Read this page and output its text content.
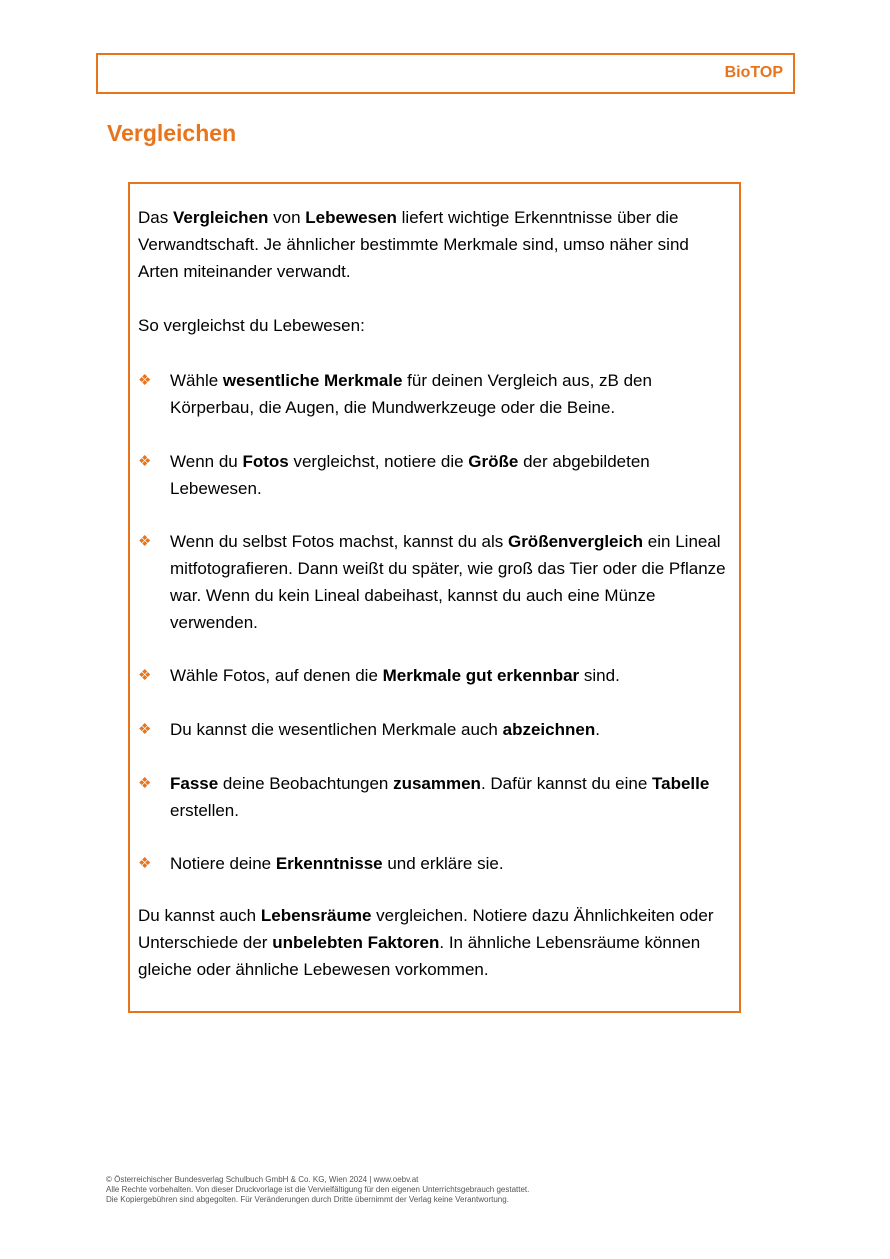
BioTOP
Vergleichen
Das Vergleichen von Lebewesen liefert wichtige Erkenntnisse über die Verwandtschaft. Je ähnlicher bestimmte Merkmale sind, umso näher sind Arten miteinander verwandt.
So vergleichst du Lebewesen:
❖	Wähle wesentliche Merkmale für deinen Vergleich aus, zB den Körperbau, die Augen, die Mundwerkzeuge oder die Beine.
❖	Wenn du Fotos vergleichst, notiere die Größe der abgebildeten Lebewesen.
❖	Wenn du selbst Fotos machst, kannst du als Größenvergleich ein Lineal mitfotografieren. Dann weißt du später, wie groß das Tier oder die Pflanze war. Wenn du kein Lineal dabeihast, kannst du auch eine Münze verwenden.
❖	Wähle Fotos, auf denen die Merkmale gut erkennbar sind.
❖	Du kannst die wesentlichen Merkmale auch abzeichnen.
❖	Fasse deine Beobachtungen zusammen. Dafür kannst du eine Tabelle erstellen.
❖	Notiere deine Erkenntnisse und erkläre sie.
Du kannst auch Lebensräume vergleichen. Notiere dazu Ähnlichkeiten oder Unterschiede der unbelebten Faktoren. In ähnliche Lebensräume können gleiche oder ähnliche Lebewesen vorkommen.
© Österreichischer Bundesverlag Schulbuch GmbH & Co. KG, Wien 2024 | www.oebv.at
Alle Rechte vorbehalten. Von dieser Druckvorlage ist die Vervielfältigung für den eigenen Unterrichtsgebrauch gestattet.
Die Kopiergebühren sind abgegolten. Für Veränderungen durch Dritte übernimmt der Verlag keine Verantwortung.
